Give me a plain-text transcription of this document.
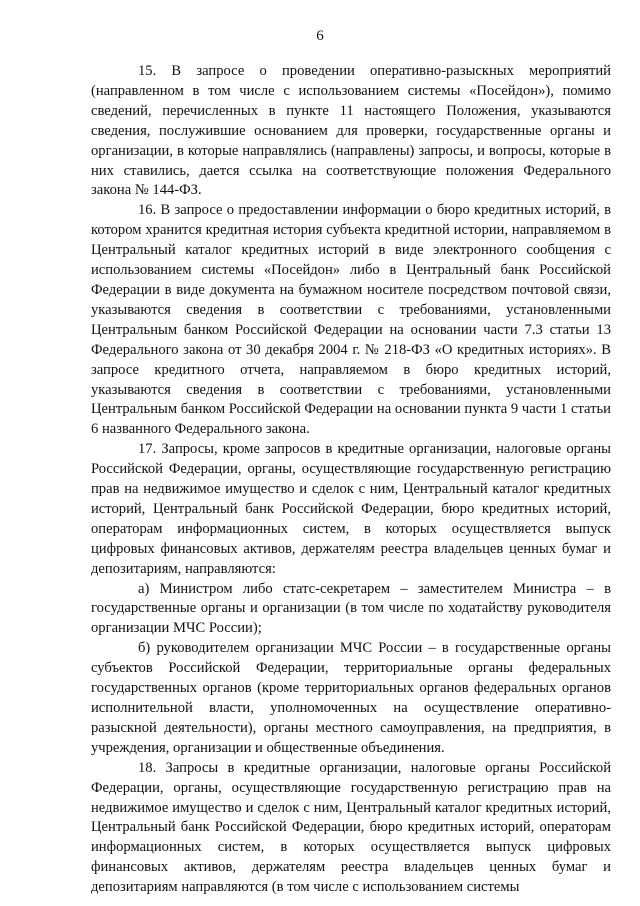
6

15. В запросе о проведении оперативно-разыскных мероприятий (направленном в том числе с использованием системы «Посейдон»), помимо сведений, перечисленных в пункте 11 настоящего Положения, указываются сведения, послужившие основанием для проверки, государственные органы и организации, в которые направлялись (направлены) запросы, и вопросы, которые в них ставились, дается ссылка на соответствующие положения Федерального закона № 144-ФЗ.

16. В запросе о предоставлении информации о бюро кредитных историй, в котором хранится кредитная история субъекта кредитной истории, направляемом в Центральный каталог кредитных историй в виде электронного сообщения с использованием системы «Посейдон» либо в Центральный банк Российской Федерации в виде документа на бумажном носителе посредством почтовой связи, указываются сведения в соответствии с требованиями, установленными Центральным банком Российской Федерации на основании части 7.3 статьи 13 Федерального закона от 30 декабря 2004 г. № 218-ФЗ «О кредитных историях». В запросе кредитного отчета, направляемом в бюро кредитных историй, указываются сведения в соответствии с требованиями, установленными Центральным банком Российской Федерации на основании пункта 9 части 1 статьи 6 названного Федерального закона.

17. Запросы, кроме запросов в кредитные организации, налоговые органы Российской Федерации, органы, осуществляющие государственную регистрацию прав на недвижимое имущество и сделок с ним, Центральный каталог кредитных историй, Центральный банк Российской Федерации, бюро кредитных историй, операторам информационных систем, в которых осуществляется выпуск цифровых финансовых активов, держателям реестра владельцев ценных бумаг и депозитариям, направляются:

а) Министром либо статс-секретарем – заместителем Министра – в государственные органы и организации (в том числе по ходатайству руководителя организации МЧС России);

б) руководителем организации МЧС России – в государственные органы субъектов Российской Федерации, территориальные органы федеральных государственных органов (кроме территориальных органов федеральных органов исполнительной власти, уполномоченных на осуществление оперативно-разыскной деятельности), органы местного самоуправления, на предприятия, в учреждения, организации и общественные объединения.

18. Запросы в кредитные организации, налоговые органы Российской Федерации, органы, осуществляющие государственную регистрацию прав на недвижимое имущество и сделок с ним, Центральный каталог кредитных историй, Центральный банк Российской Федерации, бюро кредитных историй, операторам информационных систем, в которых осуществляется выпуск цифровых финансовых активов, держателям реестра владельцев ценных бумаг и депозитариям направляются (в том числе с использованием системы
